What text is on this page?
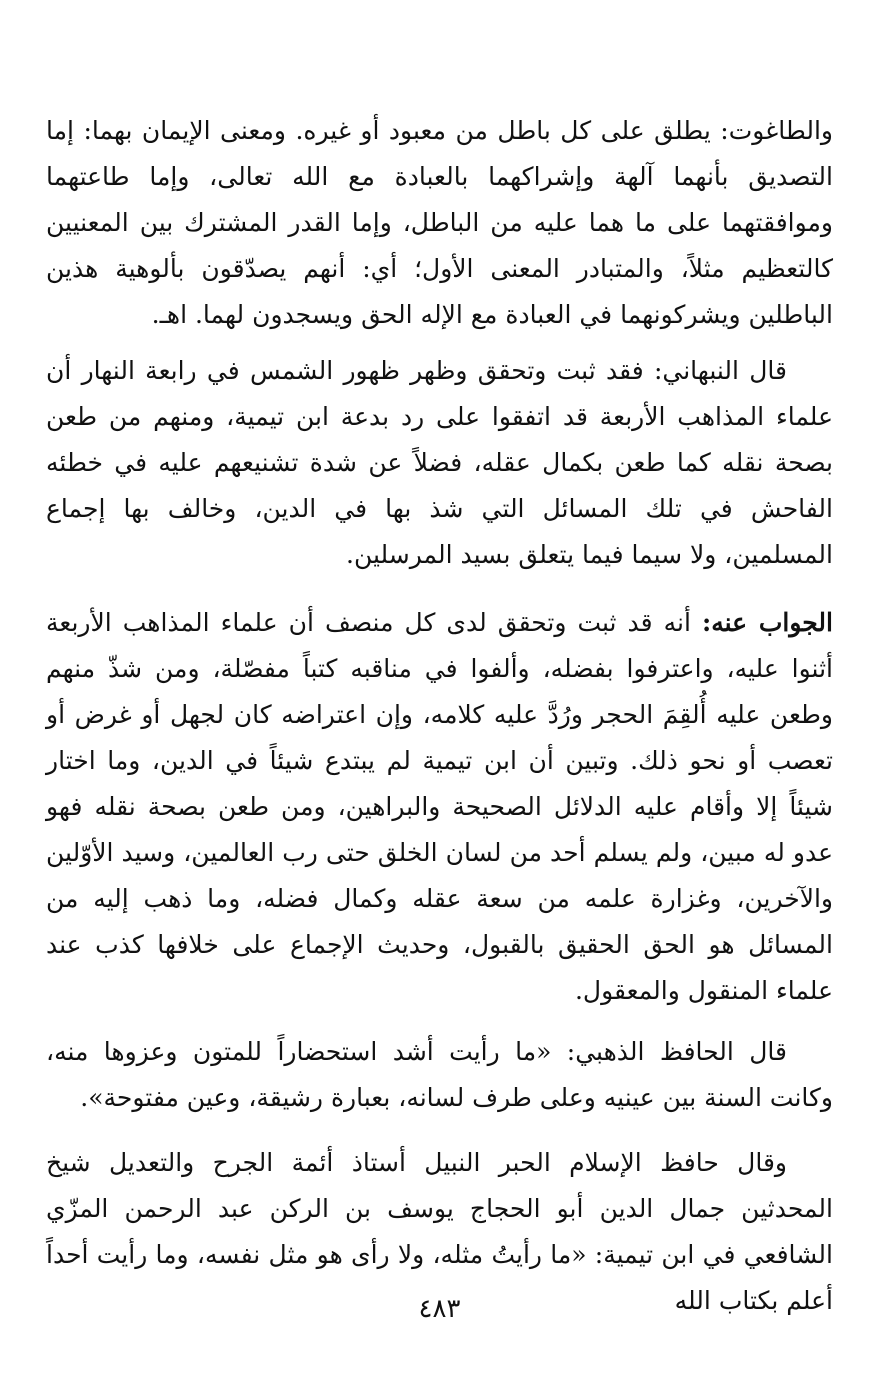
والطاغوت: يطلق على كل باطل من معبود أو غيره. ومعنى الإيمان بهما: إما التصديق بأنهما آلهة وإشراكهما بالعبادة مع الله تعالى، وإما طاعتهما وموافقتهما على ما هما عليه من الباطل، وإما القدر المشترك بين المعنيين كالتعظيم مثلاً، والمتبادر المعنى الأول؛ أي: أنهم يصدّقون بألوهية هذين الباطلين ويشركونهما في العبادة مع الإله الحق ويسجدون لهما. اهـ.

قال النبهاني: فقد ثبت وتحقق وظهر ظهور الشمس في رابعة النهار أن علماء المذاهب الأربعة قد اتفقوا على رد بدعة ابن تيمية، ومنهم من طعن بصحة نقله كما طعن بكمال عقله، فضلاً عن شدة تشنيعهم عليه في خطئه الفاحش في تلك المسائل التي شذ بها في الدين، وخالف بها إجماع المسلمين، ولا سيما فيما يتعلق بسيد المرسلين.

الجواب عنه: أنه قد ثبت وتحقق لدى كل منصف أن علماء المذاهب الأربعة أثنوا عليه، واعترفوا بفضله، وألفوا في مناقبه كتباً مفصّلة، ومن شذّ منهم وطعن عليه أُلقِمَ الحجر ورُدَّ عليه كلامه، وإن اعتراضه كان لجهل أو غرض أو تعصب أو نحو ذلك. وتبين أن ابن تيمية لم يبتدع شيئاً في الدين، وما اختار شيئاً إلا وأقام عليه الدلائل الصحيحة والبراهين، ومن طعن بصحة نقله فهو عدو له مبين، ولم يسلم أحد من لسان الخلق حتى رب العالمين، وسيد الأوّلين والآخرين، وغزارة علمه من سعة عقله وكمال فضله، وما ذهب إليه من المسائل هو الحق الحقيق بالقبول، وحديث الإجماع على خلافها كذب عند علماء المنقول والمعقول.

قال الحافظ الذهبي: «ما رأيت أشد استحضاراً للمتون وعزوها منه، وكانت السنة بين عينيه وعلى طرف لسانه، بعبارة رشيقة، وعين مفتوحة».

وقال حافظ الإسلام الحبر النبيل أستاذ أئمة الجرح والتعديل شيخ المحدثين جمال الدين أبو الحجاج يوسف بن الركن عبد الرحمن المزّي الشافعي في ابن تيمية: «ما رأيتُ مثله، ولا رأى هو مثل نفسه، وما رأيت أحداً أعلم بكتاب الله

٤٨٣
